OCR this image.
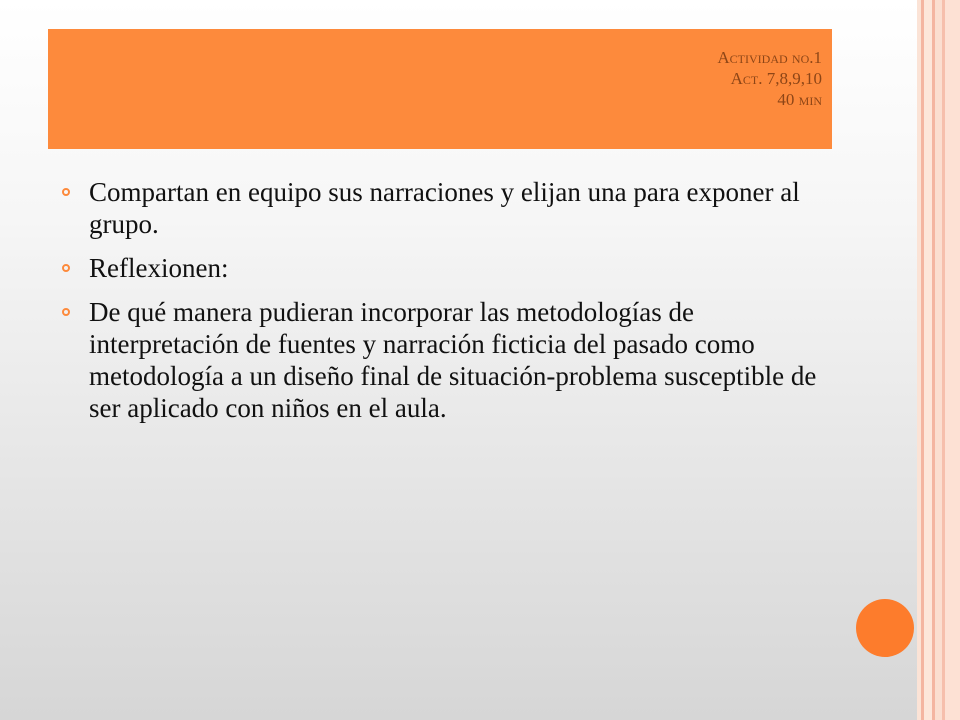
Actividad no.1
Act. 7,8,9,10
40 min
Compartan en equipo sus narraciones y elijan una para exponer al grupo.
Reflexionen:
De qué manera pudieran incorporar las metodologías de interpretación de fuentes y narración ficticia del pasado como metodología a un diseño final de situación-problema susceptible de ser aplicado con niños en el aula.
